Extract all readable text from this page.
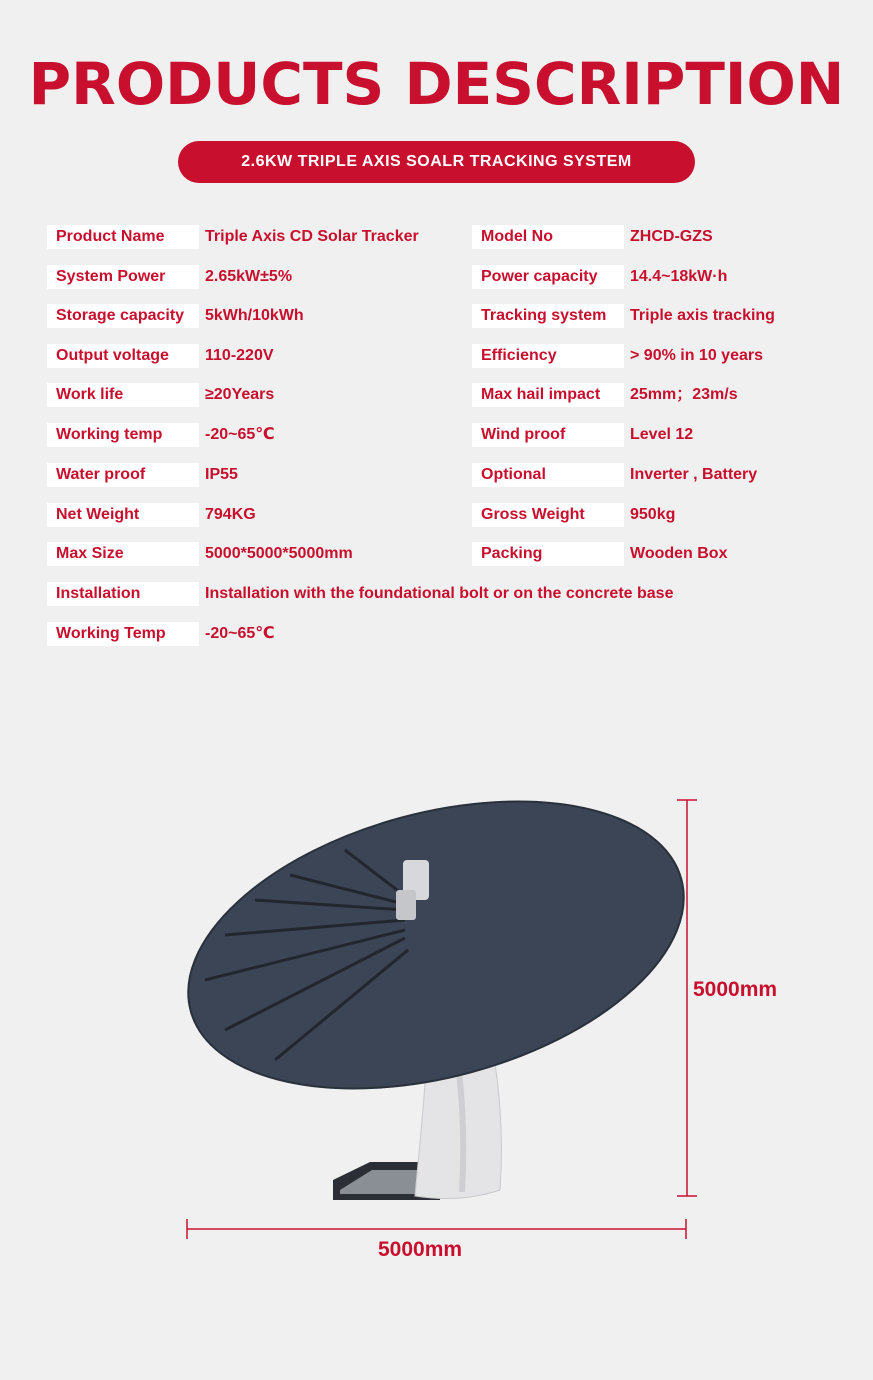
PRODUCTS DESCRIPTION
2.6KW TRIPLE AXIS SOALR TRACKING SYSTEM
Product Name	Triple Axis CD Solar Tracker	Model No	ZHCD-GZS
System Power	2.65kW±5%	Power capacity	14.4~18kW·h
Storage capacity	5kWh/10kWh	Tracking system	Triple axis tracking
Output voltage	110-220V	Efficiency	> 90% in 10 years
Work life	≥20Years	Max hail impact	25mm；23m/s
Working temp	-20~65℃	Wind proof	Level 12
Water proof	IP55	Optional	Inverter , Battery
Net Weight	794KG	Gross Weight	950kg
Max Size	5000*5000*5000mm	Packing	Wooden Box
Installation	Installation with the foundational bolt or on the concrete base
Working Temp	-20~65℃
5000mm
5000mm
